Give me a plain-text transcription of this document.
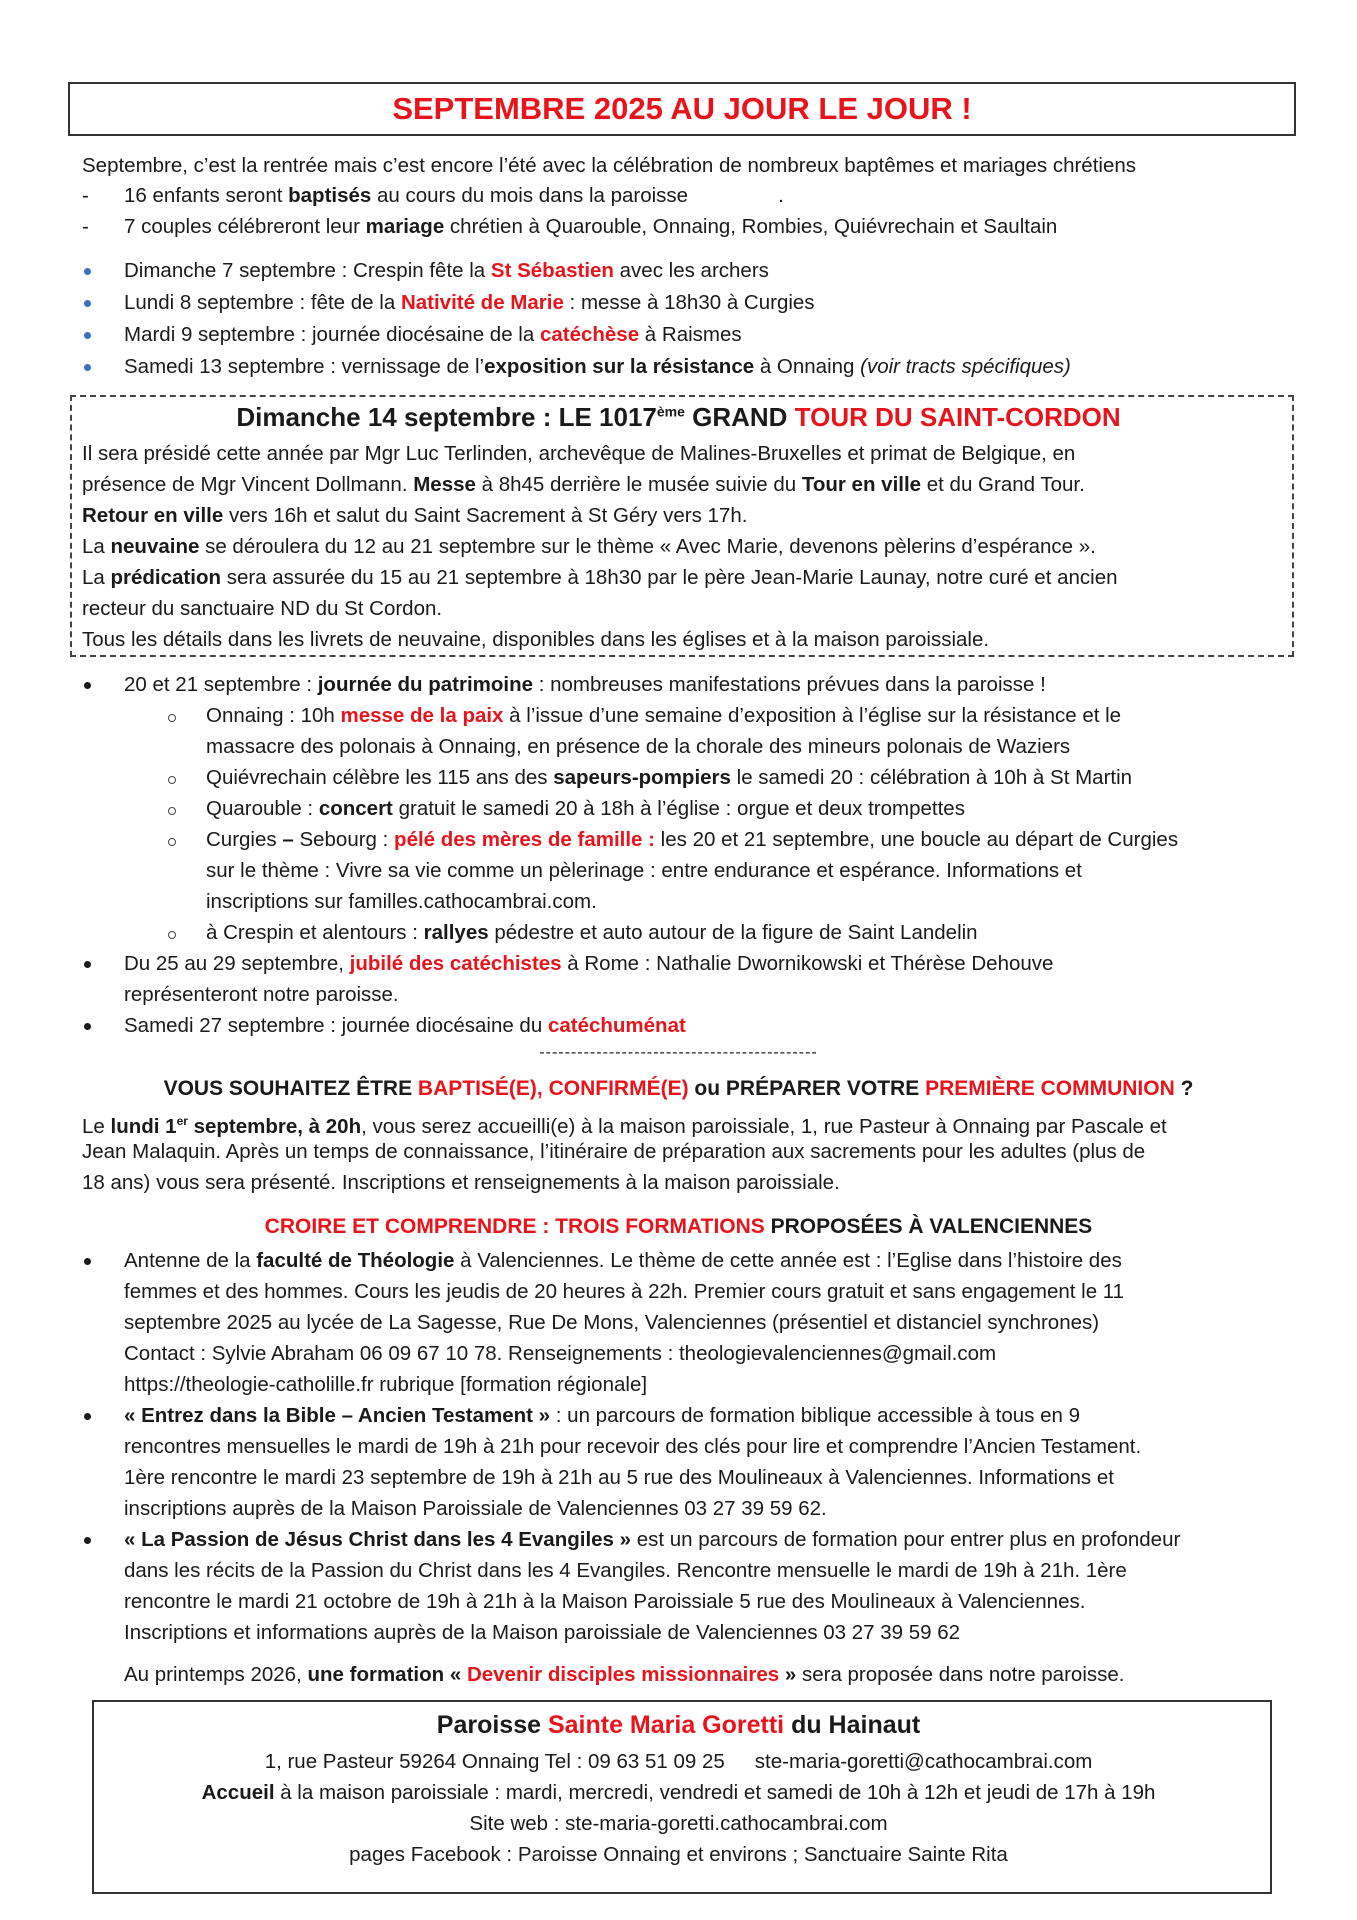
SEPTEMBRE 2025 AU JOUR LE JOUR !
Septembre, c’est la rentrée mais c’est encore l’été avec la célébration de nombreux baptêmes et mariages chrétiens
- 16 enfants seront baptisés au cours du mois dans la paroisse	.
- 7 couples célébreront leur mariage chrétien à Quarouble, Onnaing, Rombies, Quiévrechain et Saultain
Dimanche 7 septembre : Crespin fête la St Sébastien avec les archers
Lundi 8 septembre : fête de la Nativité de Marie : messe à 18h30 à Curgies
Mardi 9 septembre : journée diocésaine de la catéchèse à Raismes
Samedi 13 septembre : vernissage de l’exposition sur la résistance à Onnaing (voir tracts spécifiques)
Dimanche 14 septembre : LE 1017ème GRAND TOUR DU SAINT-CORDON
Il sera présidé cette année par Mgr Luc Terlinden, archevêque de Malines-Bruxelles et primat de Belgique, en
présence de Mgr Vincent Dollmann. Messe à 8h45 derrière le musée suivie du Tour en ville et du Grand Tour.
Retour en ville vers 16h et salut du Saint Sacrement à St Géry vers 17h.
La neuvaine se déroulera du 12 au 21 septembre sur le thème « Avec Marie, devenons pèlerins d’espérance ».
La prédication sera assurée du 15 au 21 septembre à 18h30 par le père Jean-Marie Launay, notre curé et ancien
recteur du sanctuaire ND du St Cordon.
Tous les détails dans les livrets de neuvaine, disponibles dans les églises et à la maison paroissiale.
20 et 21 septembre : journée du patrimoine : nombreuses manifestations prévues dans la paroisse !
Onnaing : 10h messe de la paix à l’issue d’une semaine d’exposition à l’église sur la résistance et le
massacre des polonais à Onnaing, en présence de la chorale des mineurs polonais de Waziers
Quiévrechain célèbre les 115 ans des sapeurs-pompiers le samedi 20 : célébration à 10h à St Martin
Quarouble : concert gratuit le samedi 20 à 18h à l’église : orgue et deux trompettes
Curgies – Sebourg : pélé des mères de famille : les 20 et 21 septembre, une boucle au départ de Curgies
sur le thème : Vivre sa vie comme un pèlerinage : entre endurance et espérance. Informations et
inscriptions sur familles.cathocambrai.com.
à Crespin et alentours : rallyes pédestre et auto autour de la figure de Saint Landelin
Du 25 au 29 septembre, jubilé des catéchistes à Rome : Nathalie Dwornikowski et Thérèse Dehouve
représenteront notre paroisse.
Samedi 27 septembre : journée diocésaine du catéchuménat
--------------------------------------------
VOUS SOUHAITEZ ÊTRE BAPTISÉ(E), CONFIRMÉ(E) ou PRÉPARER VOTRE PREMIÈRE COMMUNION ?
Le lundi 1er septembre, à 20h, vous serez accueilli(e) à la maison paroissiale, 1, rue Pasteur à Onnaing par Pascale et
Jean Malaquin. Après un temps de connaissance, l’itinéraire de préparation aux sacrements pour les adultes (plus de
18 ans) vous sera présenté. Inscriptions et renseignements à la maison paroissiale.
CROIRE ET COMPRENDRE : TROIS FORMATIONS PROPOSÉES À VALENCIENNES
Antenne de la faculté de Théologie à Valenciennes. Le thème de cette année est : l’Eglise dans l’histoire des
femmes et des hommes. Cours les jeudis de 20 heures à 22h. Premier cours gratuit et sans engagement le 11
septembre 2025 au lycée de La Sagesse, Rue De Mons, Valenciennes (présentiel et distanciel synchrones)
Contact : Sylvie Abraham 06 09 67 10 78. Renseignements : theologievalenciennes@gmail.com
https://theologie-catholille.fr rubrique [formation régionale]
« Entrez dans la Bible – Ancien Testament » : un parcours de formation biblique accessible à tous en 9
rencontres mensuelles le mardi de 19h à 21h pour recevoir des clés pour lire et comprendre l’Ancien Testament.
1ère rencontre le mardi 23 septembre de 19h à 21h au 5 rue des Moulineaux à Valenciennes. Informations et
inscriptions auprès de la Maison Paroissiale de Valenciennes 03 27 39 59 62.
« La Passion de Jésus Christ dans les 4 Evangiles » est un parcours de formation pour entrer plus en profondeur
dans les récits de la Passion du Christ dans les 4 Evangiles. Rencontre mensuelle le mardi de 19h à 21h. 1ère
rencontre le mardi 21 octobre de 19h à 21h à la Maison Paroissiale 5 rue des Moulineaux à Valenciennes.
Inscriptions et informations auprès de la Maison paroissiale de Valenciennes 03 27 39 59 62
Au printemps 2026, une formation « Devenir disciples missionnaires » sera proposée dans notre paroisse.
Paroisse Sainte Maria Goretti du Hainaut
1, rue Pasteur 59264 Onnaing Tel : 09 63 51 09 25 ste-maria-goretti@cathocambrai.com
Accueil à la maison paroissiale : mardi, mercredi, vendredi et samedi de 10h à 12h et jeudi de 17h à 19h
Site web : ste-maria-goretti.cathocambrai.com
pages Facebook : Paroisse Onnaing et environs ; Sanctuaire Sainte Rita
